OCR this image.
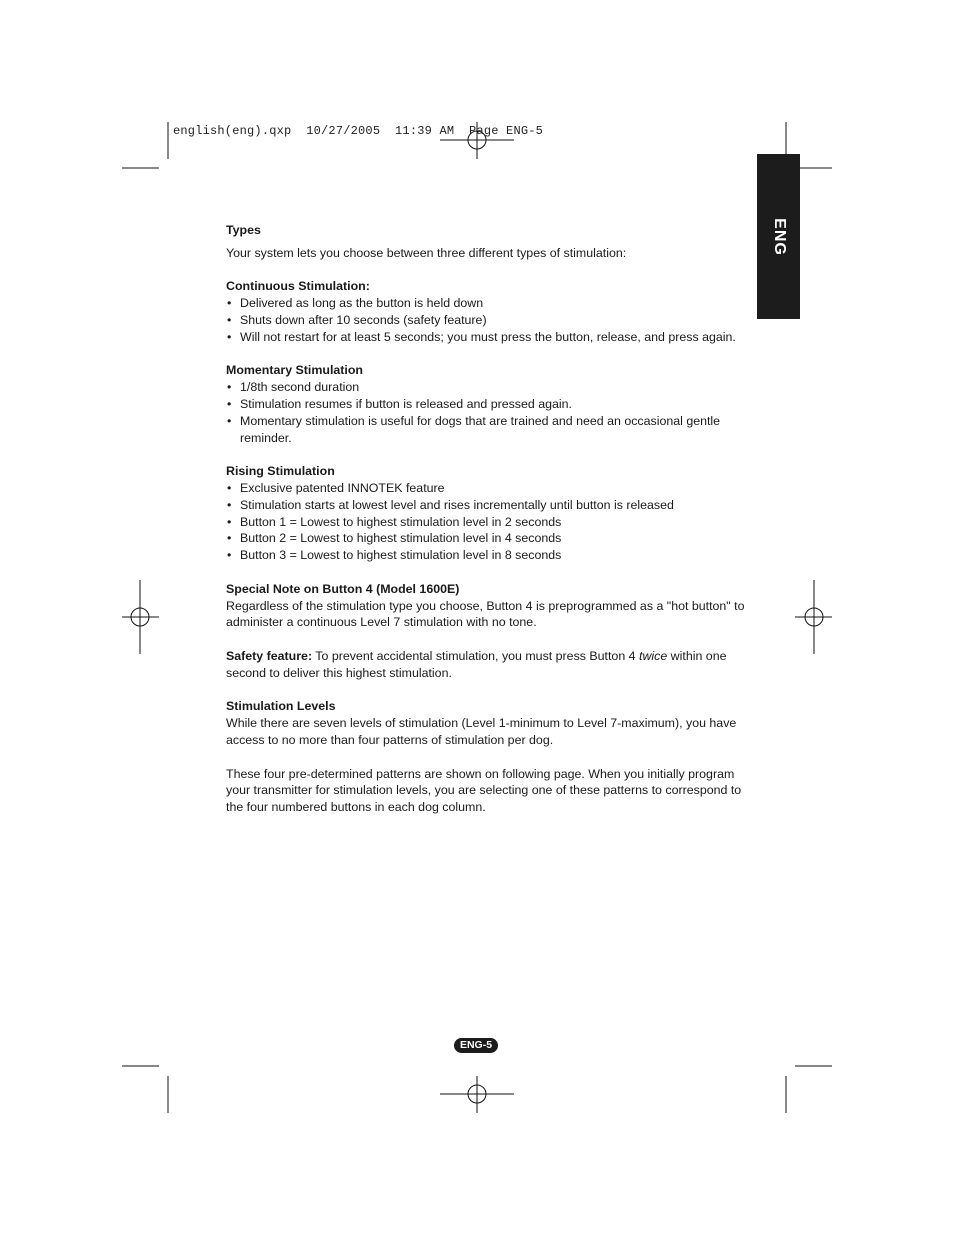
english(eng).qxp  10/27/2005  11:39 AM  Page ENG-5
ENG
Types

Your system lets you choose between three different types of stimulation:

Continuous Stimulation:
• Delivered as long as the button is held down
• Shuts down after 10 seconds (safety feature)
• Will not restart for at least 5 seconds; you must press the button, release, and press again.
Momentary Stimulation
• 1/8th second duration
• Stimulation resumes if button is released and pressed again.
• Momentary stimulation is useful for dogs that are trained and need an occasional gentle reminder.
Rising Stimulation
• Exclusive patented INNOTEK feature
• Stimulation starts at lowest level and rises incrementally until button is released
• Button 1 = Lowest to highest stimulation level in 2 seconds
• Button 2 = Lowest to highest stimulation level in 4 seconds
• Button 3 = Lowest to highest stimulation level in 8 seconds
Special Note on Button 4 (Model 1600E)

Regardless of the stimulation type you choose, Button 4 is preprogrammed as a "hot button" to administer a continuous Level 7 stimulation with no tone.

Safety feature: To prevent accidental stimulation, you must press Button 4 twice within one second to deliver this highest stimulation.

Stimulation Levels

While there are seven levels of stimulation (Level 1-minimum to Level 7-maximum), you have access to no more than four patterns of stimulation per dog.

These four pre-determined patterns are shown on following page. When you initially program your transmitter for stimulation levels, you are selecting one of these patterns to correspond to the four numbered buttons in each dog column.

ENG-5
